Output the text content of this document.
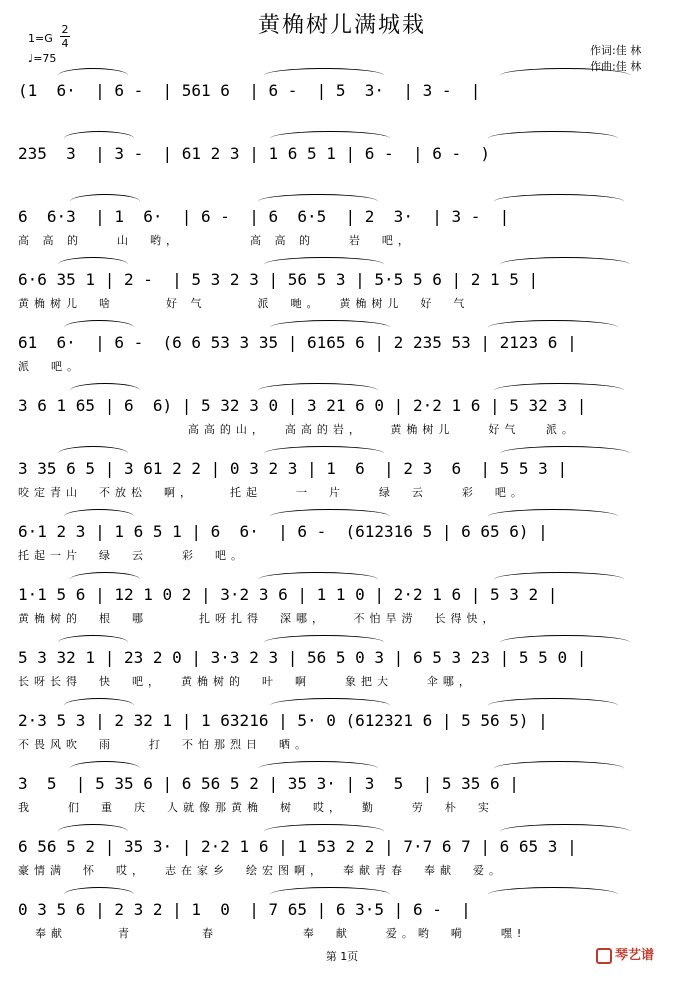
黄桷树儿满城栽
1=G
2
4
♩=75
作词:佳 林
作曲:佳 林
(1  6·  | 6 -  | 561 6  | 6 -  | 5  3·  | 3 -  |
235  3  | 3 -  | 61 2 3 | 1 6 5 1 | 6 -  | 6 -  )
6  6·3  | 1  6·  | 6 -  | 6  6·5  | 2  3·  | 3 -  |
高 高 的    山  哟，        高 高 的    岩  吧，
6·6 35 1 | 2 -  | 5 3 2 3 | 56 5 3 | 5·5 5 6 | 2 1 5 |
黄桷树儿  啥      好 气      派  哋。  黄桷树儿  好  气
61  6·  | 6 -  (6 6 53 3 35 | 6165 6 | 2 235 53 | 2123 6 |
派  吧。
3 6 1 65 | 6  6) | 5 32 3 0 | 3 21 6 0 | 2·2 1 6 | 5 32 3 |
高高的山，  高高的岩，   黄桷树儿    好气   派。
3 35 6 5 | 3 61 2 2 | 0 3 2 3 | 1  6  | 2 3  6  | 5 5 3 |
咬定青山  不放松  啊，    托起    一  片    绿  云    彩  吧。
6·1 2 3 | 1 6 5 1 | 6  6·  | 6 -  (612316 5 | 6 65 6) |
托起一片  绿  云    彩  吧。
1·1 5 6 | 12 1 0 2 | 3·2 3 6 | 1 1 0 | 2·2 1 6 | 5 3 2 |
黄桷树的  根  哪      扎呀扎得  深哪，   不怕旱涝  长得快，
5 3 32 1 | 23 2 0 | 3·3 2 3 | 56 5 0 3 | 6 5 3 23 | 5 5 0 |
长呀长得  快  吧，  黄桷树的  叶  啊    象把大    伞哪，
2·3 5 3 | 2 32 1 | 1 63216 | 5· 0 (612321 6 | 5 56 5) |
不畏风吹  雨    打  不怕那烈日  晒。
3  5  | 5 35 6 | 6 56 5 2 | 35 3· | 3  5  | 5 35 6 |
我    们  重  庆  人就像那黄桷  树  哎，  勤    劳  朴  实
6 56 5 2 | 35 3· | 2·2 1 6 | 1 53 2 2 | 7·7 6 7 | 6 65 3 |
豪情满  怀  哎，  志在家乡  绘宏图啊，  奉献青春  奉献  爱。
0 3 5 6 | 2 3 2 | 1  0  | 7 65 | 6 3·5 | 6 -  |
奉献      青        春          奉  献    爱。哟  嗬    嘿!
第 1页	琴艺谱
